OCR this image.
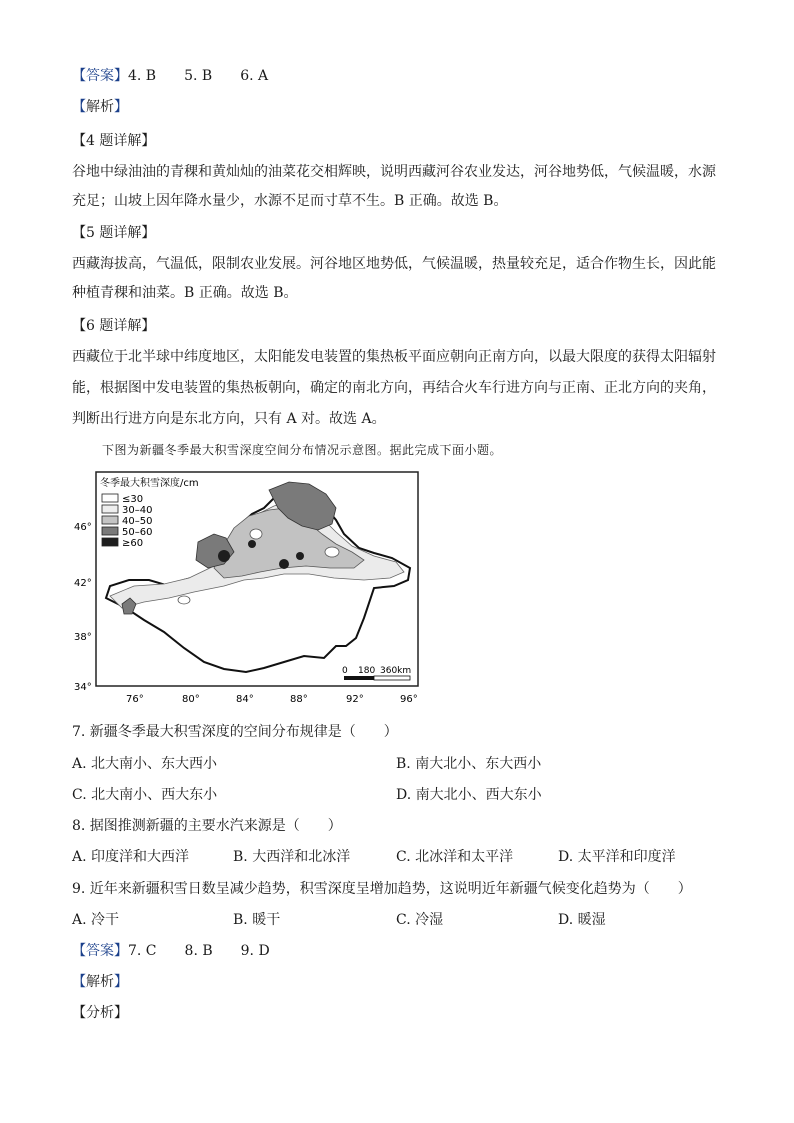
【答案】4. B 5. B 6. A
【解析】
【4 题详解】
谷地中绿油油的青稞和黄灿灿的油菜花交相辉映，说明西藏河谷农业发达，河谷地势低，气候温暖，水源
充足；山坡上因年降水量少，水源不足而寸草不生。B 正确。故选 B。
【5 题详解】
西藏海拔高，气温低，限制农业发展。河谷地区地势低，气候温暖，热量较充足，适合作物生长，因此能
种植青稞和油菜。B 正确。故选 B。
【6 题详解】
西藏位于北半球中纬度地区，太阳能发电装置的集热板平面应朝向正南方向，以最大限度的获得太阳辐射
能，根据图中发电装置的集热板朝向，确定的南北方向，再结合火车行进方向与正南、正北方向的夹角，
判断出行进方向是东北方向，只有 A 对。故选 A。
下图为新疆冬季最大积雪深度空间分布情况示意图。据此完成下面小题。
冬季最大积雪深度/cm
≤30
30–40
40–50
50–60
≥60
46°
42°
38°
34°
76°	80°	84°	88°	92°	96°
0 180 360km
7. 新疆冬季最大积雪深度的空间分布规律是（　　）
A. 北大南小、东大西小	B. 南大北小、东大西小
C. 北大南小、西大东小	D. 南大北小、西大东小
8. 据图推测新疆的主要水汽来源是（　　）
A. 印度洋和大西洋	B. 大西洋和北冰洋	C. 北冰洋和太平洋	D. 太平洋和印度洋
9. 近年来新疆积雪日数呈减少趋势，积雪深度呈增加趋势，这说明近年新疆气候变化趋势为（　　）
A. 冷干	B. 暖干	C. 冷湿	D. 暖湿
【答案】7. C 8. B 9. D
【解析】
【分析】
